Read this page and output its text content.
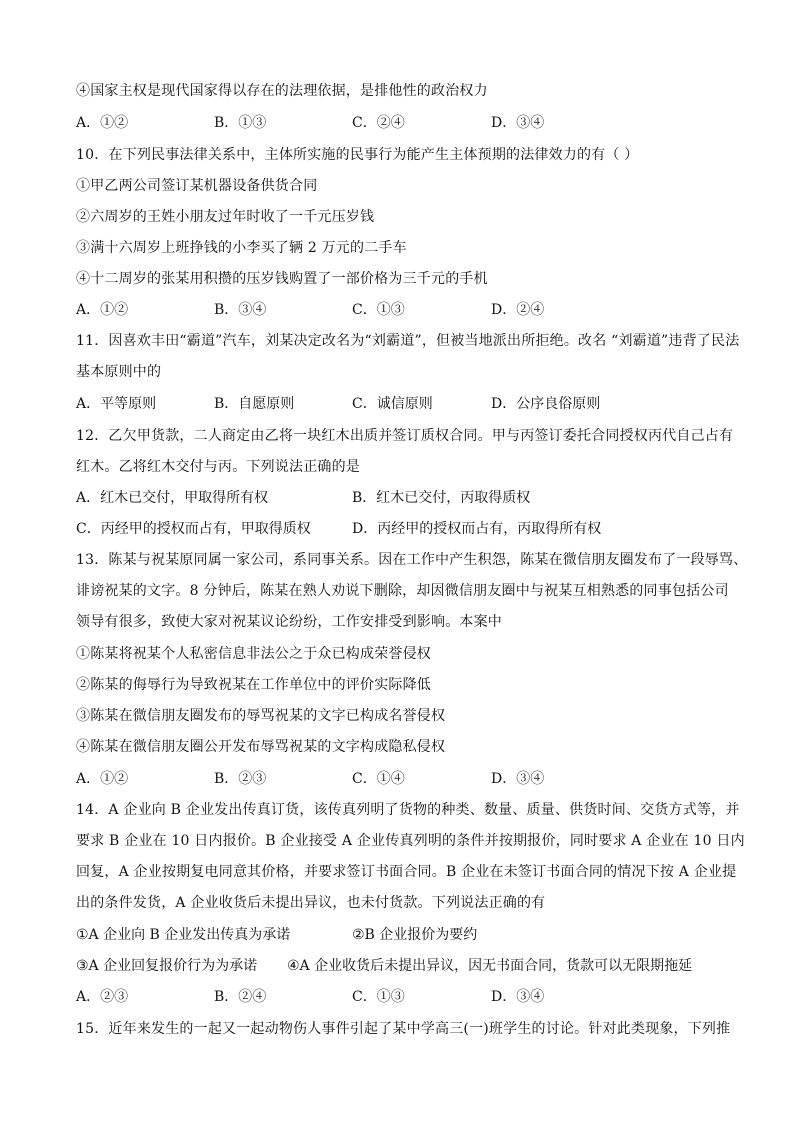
④国家主权是现代国家得以存在的法理依据，是排他性的政治权力
A．①②	B．①③	C．②④	D．③④
10．在下列民事法律关系中，主体所实施的民事行为能产生主体预期的法律效力的有（ ）
①甲乙两公司签订某机器设备供货合同
②六周岁的王姓小朋友过年时收了一千元压岁钱
③满十六周岁上班挣钱的小李买了辆 2 万元的二手车
④十二周岁的张某用积攒的压岁钱购置了一部价格为三千元的手机
A．①②	B．③④	C．①③	D．②④
11．因喜欢丰田“霸道”汽车，刘某决定改名为“刘霸道”，但被当地派出所拒绝。改名 “刘霸道”违背了民法
基本原则中的
A．平等原则	B．自愿原则	C．诚信原则	D．公序良俗原则
12．乙欠甲货款，二人商定由乙将一块红木出质并签订质权合同。甲与丙签订委托合同授权丙代自己占有
红木。乙将红木交付与丙。下列说法正确的是
A．红木已交付，甲取得所有权	B．红木已交付，丙取得质权
C．丙经甲的授权而占有，甲取得质权	D．丙经甲的授权而占有，丙取得所有权
13．陈某与祝某原同属一家公司，系同事关系。因在工作中产生积怨，陈某在微信朋友圈发布了一段辱骂、
诽谤祝某的文字。8 分钟后，陈某在熟人劝说下删除，却因微信朋友圈中与祝某互相熟悉的同事包括公司
领导有很多，致使大家对祝某议论纷纷，工作安排受到影响。本案中
①陈某将祝某个人私密信息非法公之于众已构成荣誉侵权
②陈某的侮辱行为导致祝某在工作单位中的评价实际降低
③陈某在微信朋友圈发布的辱骂祝某的文字已构成名誉侵权
④陈某在微信朋友圈公开发布辱骂祝某的文字构成隐私侵权
A．①②	B．②③	C．①④	D．③④
14．A 企业向 B 企业发出传真订货，该传真列明了货物的种类、数量、质量、供货时间、交货方式等，并
要求 B 企业在 10 日内报价。B 企业接受 A 企业传真列明的条件并按期报价，同时要求 A 企业在 10 日内
回复，A 企业按期复电同意其价格，并要求签订书面合同。B 企业在未签订书面合同的情况下按 A 企业提
出的条件发货，A 企业收货后未提出异议，也未付货款。下列说法正确的有
①A 企业向 B 企业发出传真为承诺	②B 企业报价为要约
③A 企业回复报价行为为承诺 ④A 企业收货后未提出异议，因无书面合同，货款可以无限期拖延
A．②③	B．②④	C．①③	D．③④
15．近年来发生的一起又一起动物伤人事件引起了某中学高三(一)班学生的讨论。针对此类现象，下列推
